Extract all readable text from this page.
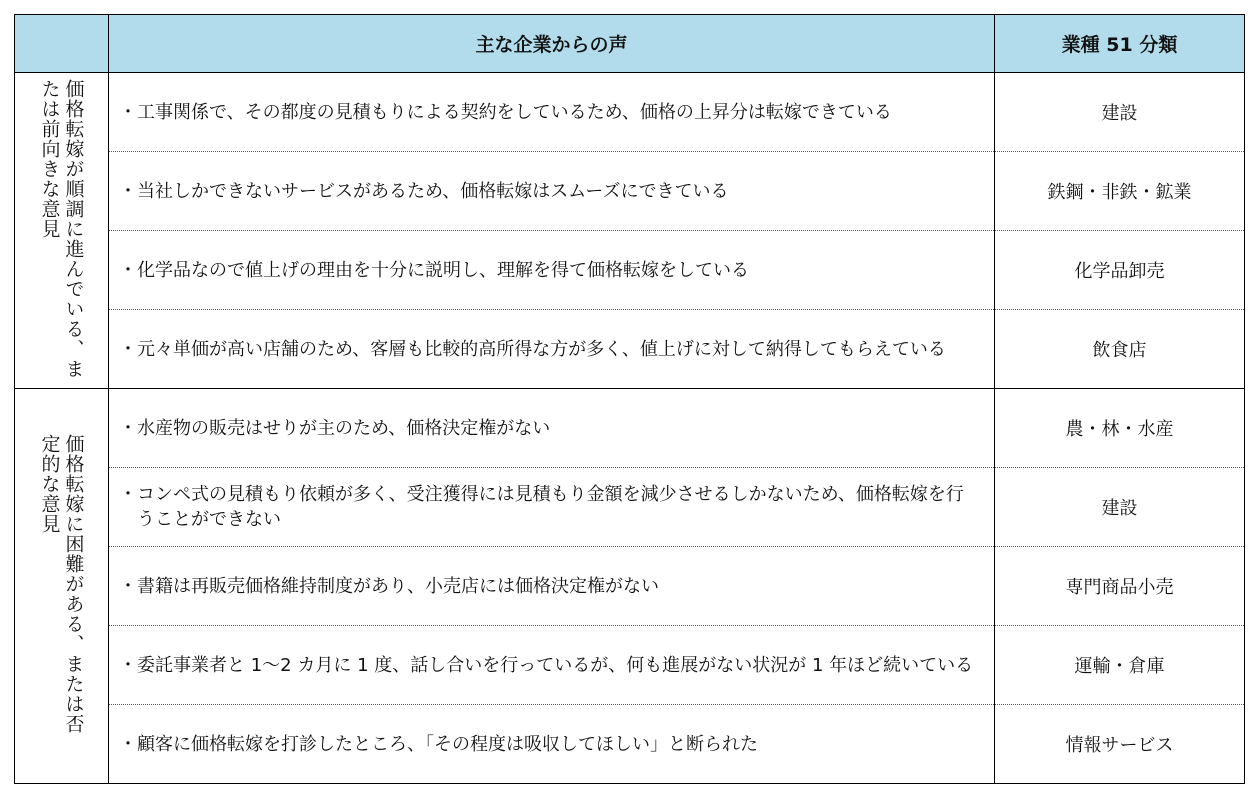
	主な企業からの声	業種 51 分類
価格転嫁が順調に進んでいる、または前向きな意見	・工事関係で、その都度の見積もりによる契約をしているため、価格の上昇分は転嫁できている	建設

	・当社しかできないサービスがあるため、価格転嫁はスムーズにできている	鉄鋼・非鉄・鉱業

	・化学品なので値上げの理由を十分に説明し、理解を得て価格転嫁をしている	化学品卸売

	・元々単価が高い店舗のため、客層も比較的高所得な方が多く、値上げに対して納得してもらえている	飲食店
価格転嫁に困難がある、または否定的な意見	・水産物の販売はせりが主のため、価格決定権がない	農・林・水産

	・コンペ式の見積もり依頼が多く、受注獲得には見積もり金額を減少させるしかないため、価格転嫁を行うことができない	建設

	・書籍は再販売価格維持制度があり、小売店には価格決定権がない	専門商品小売

	・委託事業者と 1～2 カ月に 1 度、話し合いを行っているが、何も進展がない状況が 1 年ほど続いている	運輸・倉庫

	・顧客に価格転嫁を打診したところ、「その程度は吸収してほしい」と断られた	情報サービス
